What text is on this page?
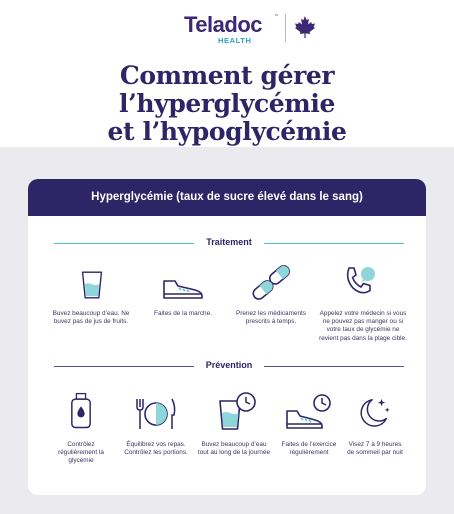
Teladoc ™
HEALTH
Comment gérer l’hyperglycémie
et l’hypoglycémie
Hyperglycémie (taux de sucre élevé dans le sang)
Traitement
Buvez beaucoup d’eau. Ne buvez pas de jus de fruits.
Faites de la marche.	Prenez les médicaments prescrits à temps.
Appelez votre médecin si vous ne pouvez pas manger ou si votre taux de glycémie ne revient pas dans la plage cible.
Prévention
Contrôlez régulièrement la glycémie
Équilibrez vos repas. Contrôlez les portions.
Buvez beaucoup d’eau tout au long de la journée
Faites de l’exercice régulièrement
Visez 7 à 9 heures de sommeil par nuit
